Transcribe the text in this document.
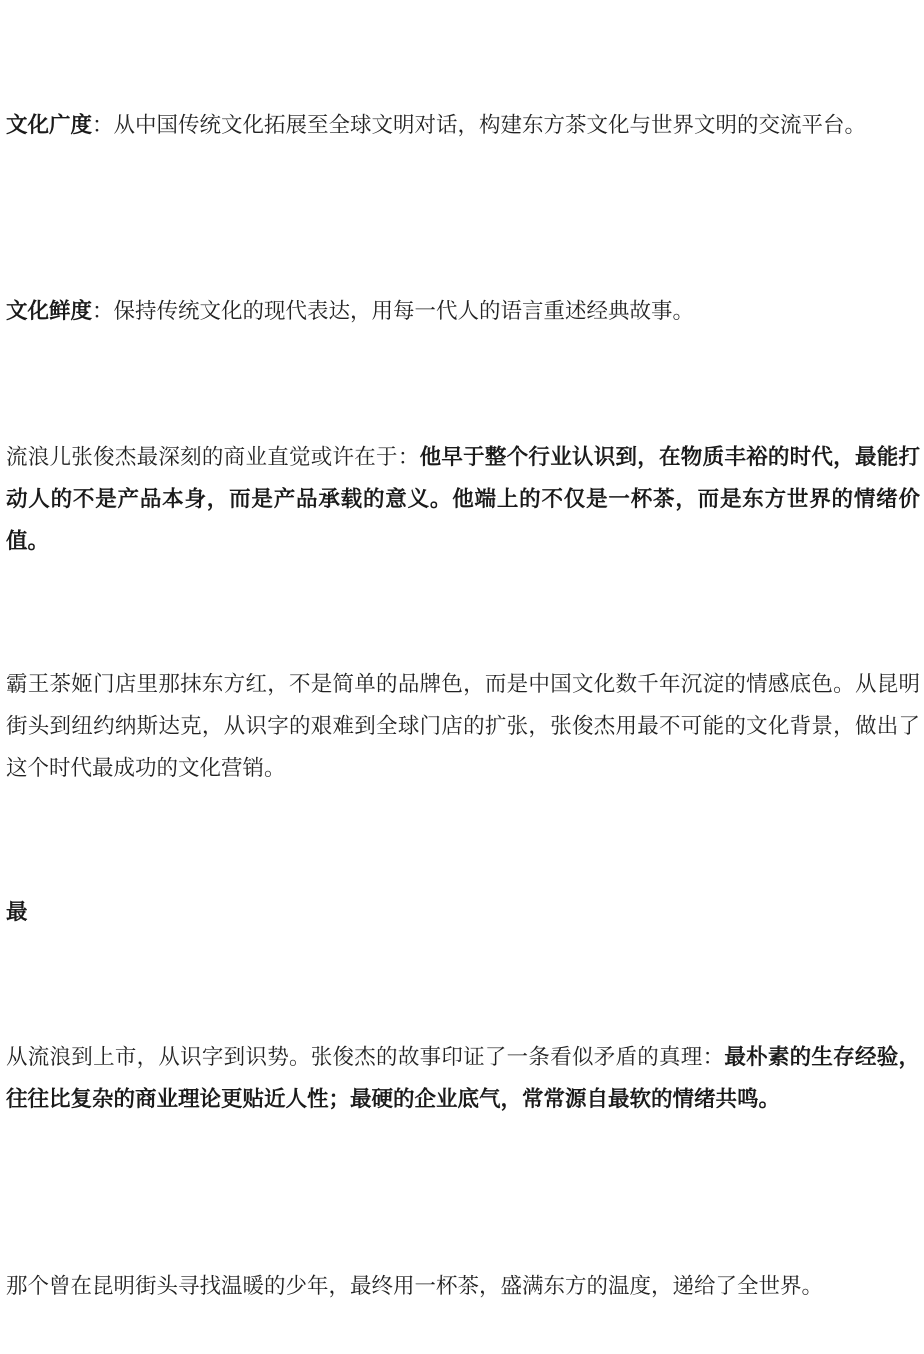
文化广度：从中国传统文化拓展至全球文明对话，构建东方茶文化与世界文明的交流平台。

文化鲜度：保持传统文化的现代表达，用每一代人的语言重述经典故事。

流浪儿张俊杰最深刻的商业直觉或许在于：他早于整个行业认识到，在物质丰裕的时代，最能打动人的不是产品本身，而是产品承载的意义。他端上的不仅是一杯茶，而是东方世界的情绪价值。

霸王茶姬门店里那抹东方红，不是简单的品牌色，而是中国文化数千年沉淀的情感底色。从昆明街头到纽约纳斯达克，从识字的艰难到全球门店的扩张，张俊杰用最不可能的文化背景，做出了这个时代最成功的文化营销。

最

从流浪到上市，从识字到识势。张俊杰的故事印证了一条看似矛盾的真理：最朴素的生存经验，往往比复杂的商业理论更贴近人性；最硬的企业底气，常常源自最软的情绪共鸣。

那个曾在昆明街头寻找温暖的少年，最终用一杯茶，盛满东方的温度，递给了全世界。
